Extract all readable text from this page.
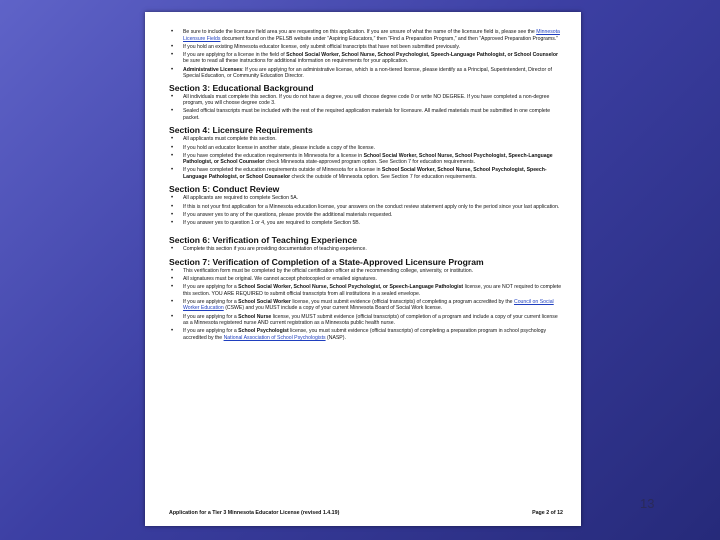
• Be sure to include the licensure field area you are requesting on this application. If you are unsure of what the name of the licensure field is, please see the Minnesota Licensure Fields document found on the PELSB website under “Aspiring Educators,” then “Find a Preparation Program,” and then “Approved Preparation Programs.”
• If you hold an existing Minnesota educator license, only submit official transcripts that have not been submitted previously.
• If you are applying for a license in the field of School Social Worker, School Nurse, School Psychologist, Speech-Language Pathologist, or School Counselor be sure to read all these instructions for additional information on requirements for your application.
• Administrative Licenses: If you are applying for an administrative license, which is a non-tiered license, please identify as a Principal, Superintendent, Director of Special Education, or Community Education Director.
Section 3: Educational Background
• All individuals must complete this section. If you do not have a degree, you will choose degree code 0 or write NO DEGREE. If you have completed a non-degree program, you will choose degree code 3.
• Sealed official transcripts must be included with the rest of the required application materials for licensure. All mailed materials must be submitted in one complete packet.
Section 4: Licensure Requirements
• All applicants must complete this section.
• If you hold an educator license in another state, please include a copy of the license.
• If you have completed the education requirements in Minnesota for a license in School Social Worker, School Nurse, School Psychologist, Speech-Language Pathologist, or School Counselor check Minnesota state-approved program option. See Section 7 for education requirements.
• If you have completed the education requirements outside of Minnesota for a license in School Social Worker, School Nurse, School Psychologist, Speech-Language Pathologist, or School Counselor check the outside of Minnesota option. See Section 7 for education requirements.
Section 5: Conduct Review
• All applicants are required to complete Section 5A.
• If this is not your first application for a Minnesota education license, your answers on the conduct review statement apply only to the period since your last application.
• If you answer yes to any of the questions, please provide the additional materials requested.
• If you answer yes to question 1 or 4, you are required to complete Section 5B.
Section 6: Verification of Teaching Experience
• Complete this section if you are providing documentation of teaching experience.
Section 7: Verification of Completion of a State-Approved Licensure Program
• This verification form must be completed by the official certification officer at the recommending college, university, or institution.
• All signatures must be original. We cannot accept photocopied or emailed signatures.
• If you are applying for a School Social Worker, School Nurse, School Psychologist, or Speech-Language Pathologist license, you are NOT required to complete this section. YOU ARE REQUIRED to submit official transcripts from all institutions in a sealed envelope.
• If you are applying for a School Social Worker license, you must submit evidence (official transcripts) of completing a program accredited by the Council on Social Worker Education (CSWE) and you MUST include a copy of your current Minnesota Board of Social Work license.
• If you are applying for a School Nurse license, you MUST submit evidence (official transcripts) of completion of a program and include a copy of your current license as a Minnesota registered nurse AND current registration as a Minnesota public health nurse.
• If you are applying for a School Psychologist license, you must submit evidence (official transcripts) of completing a preparation program in school psychology accredited by the National Association of School Psychologists (NASP).
Application for a Tier 3 Minnesota Educator License (revised 1.4.19)	Page 2 of 12
13
